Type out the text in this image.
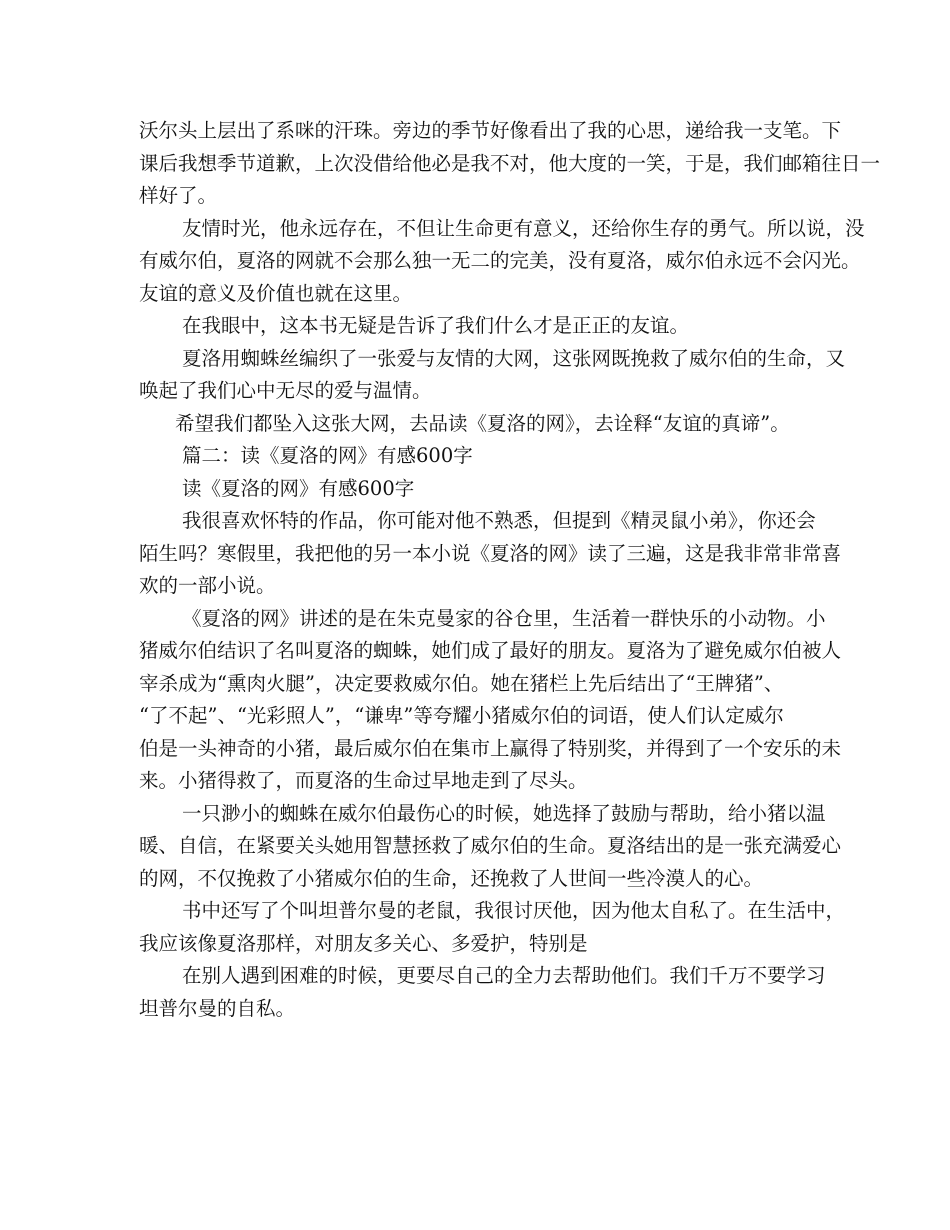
沃尔头上层出了系咪的汗珠。旁边的季节好像看出了我的心思，递给我一支笔。下
课后我想季节道歉，上次没借给他必是我不对，他大度的一笑，于是，我们邮箱往日一
样好了。
友情时光，他永远存在，不但让生命更有意义，还给你生存的勇气。所以说，没
有威尔伯，夏洛的网就不会那么独一无二的完美，没有夏洛，威尔伯永远不会闪光。
友谊的意义及价值也就在这里。
在我眼中，这本书无疑是告诉了我们什么才是正正的友谊。
夏洛用蜘蛛丝编织了一张爱与友情的大网，这张网既挽救了威尔伯的生命，又
唤起了我们心中无尽的爱与温情。
希望我们都坠入这张大网，去品读《夏洛的网》，去诠释“友谊的真谛”。
篇二：读《夏洛的网》有感600字
读《夏洛的网》有感600字
我很喜欢怀特的作品，你可能对他不熟悉，但提到《精灵鼠小弟》，你还会
陌生吗？寒假里，我把他的另一本小说《夏洛的网》读了三遍，这是我非常非常喜
欢的一部小说。
《夏洛的网》讲述的是在朱克曼家的谷仓里，生活着一群快乐的小动物。小
猪威尔伯结识了名叫夏洛的蜘蛛，她们成了最好的朋友。夏洛为了避免威尔伯被人
宰杀成为“熏肉火腿”，决定要救威尔伯。她在猪栏上先后结出了“王牌猪”、
“了不起”、“光彩照人”，“谦卑”等夸耀小猪威尔伯的词语，使人们认定威尔
伯是一头神奇的小猪，最后威尔伯在集市上赢得了特别奖，并得到了一个安乐的未
来。小猪得救了，而夏洛的生命过早地走到了尽头。
一只渺小的蜘蛛在威尔伯最伤心的时候，她选择了鼓励与帮助，给小猪以温
暖、自信，在紧要关头她用智慧拯救了威尔伯的生命。夏洛结出的是一张充满爱心
的网，不仅挽救了小猪威尔伯的生命，还挽救了人世间一些冷漠人的心。
书中还写了个叫坦普尔曼的老鼠，我很讨厌他，因为他太自私了。在生活中，
我应该像夏洛那样，对朋友多关心、多爱护，特别是
在别人遇到困难的时候，更要尽自己的全力去帮助他们。我们千万不要学习
坦普尔曼的自私。
